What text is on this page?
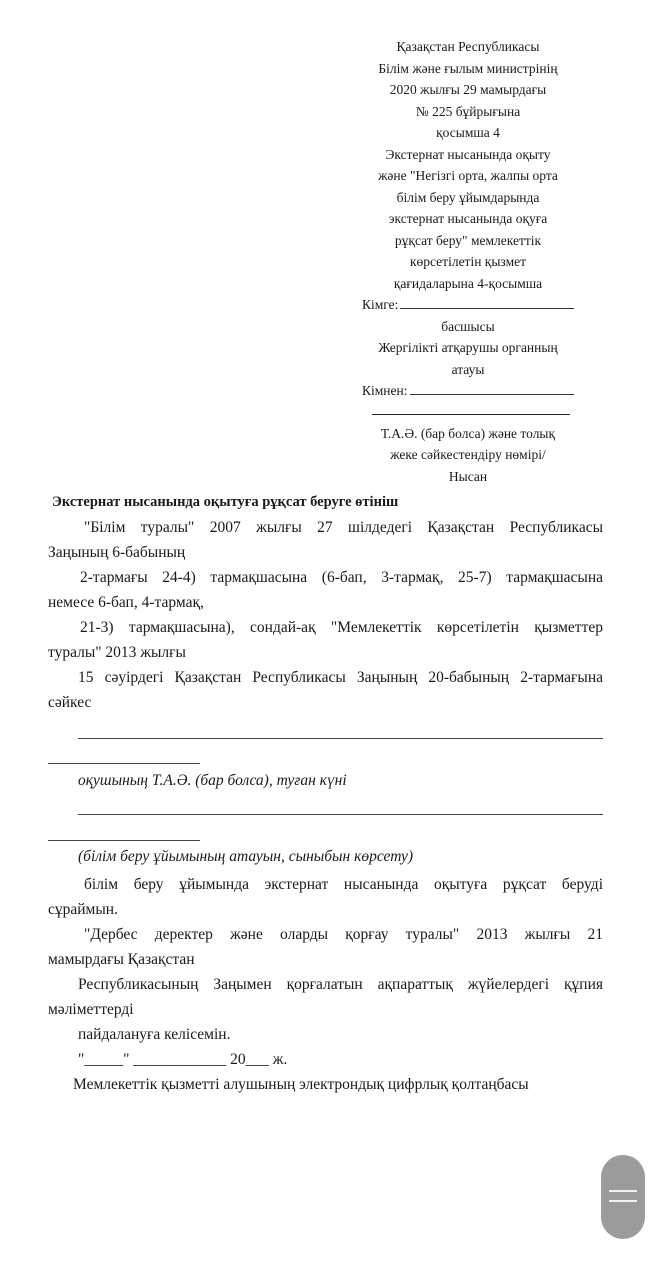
Қазақстан Республикасы
Білім және ғылым министрінің
2020 жылғы 29 мамырдағы
№ 225 бұйрығына
қосымша 4
Экстернат нысанында оқыту
және "Негізгі орта, жалпы орта
білім беру ұйымдарында
экстернат нысанында оқуға
рұқсат беру" мемлекеттік
көрсетілетін қызмет
қағидаларына 4-қосымша
Кімге:
басшысы
Жергілікті атқарушы органның
атауы
Кімнен:
Т.А.Ә. (бар болса) және толық
жеке сәйкестендіру нөмірі/
Нысан
Экстернат нысанында оқытуға рұқсат беруге өтініш

"Білім туралы" 2007 жылғы 27 шілдедегі Қазақстан Республикасы
Заңының 6-бабының

2-тармағы 24-4) тармақшасына (6-бап, 3-тармақ, 25-7) тармақшасына
немесе 6-бап, 4-тармақ,

21-3) тармақшасына), сондай-ақ "Мемлекеттік көрсетілетін қызметтер
туралы" 2013 жылғы

15 сәуірдегі Қазақстан Республикасы Заңының 20-бабының 2-тармағына
сәйкес

оқушының Т.А.Ә. (бар болса), туған күні
(білім беру ұйымының атауын, сыныбын көрсету)

білім беру ұйымында экстернат нысанында оқытуға рұқсат беруді
сұраймын.

"Дербес деректер және оларды қорғау туралы" 2013 жылғы 21
мамырдағы Қазақстан

Республикасының Заңымен қорғалатын ақпараттық жүйелердегі құпия
мәліметтерді

пайдалануға келісемін.
"_____" ____________ 20___ ж.
Мемлекеттік қызметті алушының электрондық цифрлық қолтаңбасы
